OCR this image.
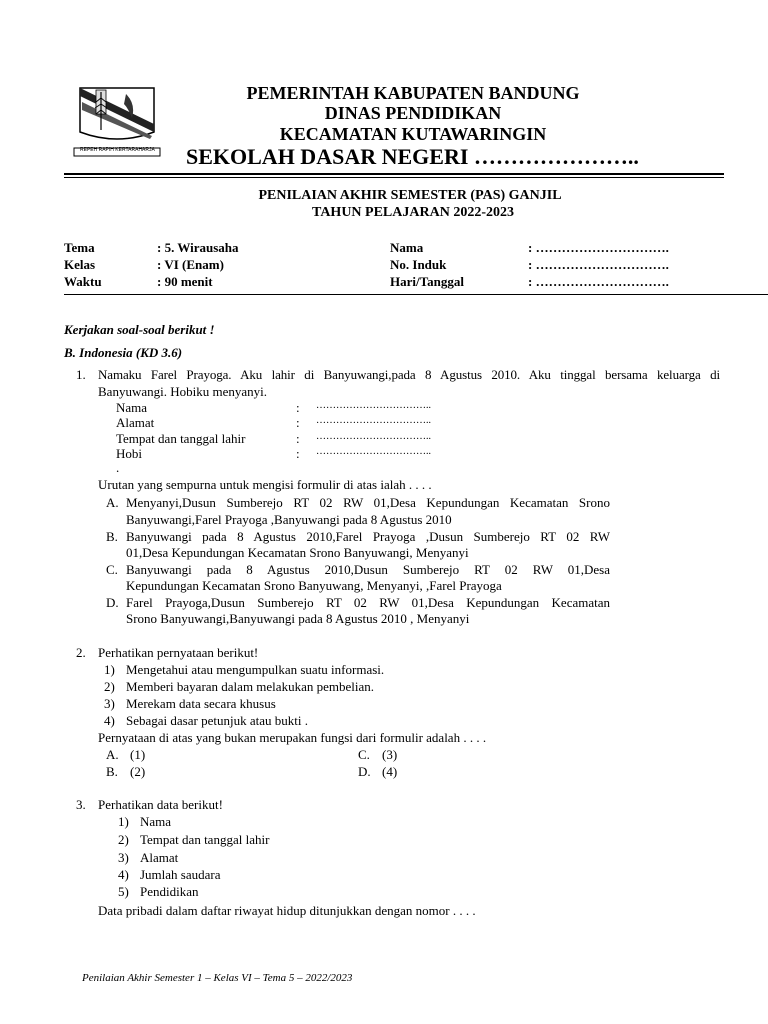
REPEH RAPIH KERTARAHARJA
PEMERINTAH KABUPATEN BANDUNG
DINAS PENDIDIKAN
KECAMATAN KUTAWARINGIN
SEKOLAH DASAR NEGERI …………………..
PENILAIAN AKHIR SEMESTER (PAS) GANJIL
TAHUN PELAJARAN 2022-2023
Tema	: 5. Wirausaha
Kelas	: VI (Enam)
Waktu	: 90 menit
Nama	: ………………………….
No. Induk	: ………………………….
Hari/Tanggal	: ………………………….
Kerjakan soal-soal berikut !
B. Indonesia (KD 3.6)
1. Namaku Farel Prayoga. Aku lahir di Banyuwangi,pada 8 Agustus 2010. Aku tinggal bersama keluarga di
Banyuwangi. Hobiku menyanyi.
Nama	: ……………………………..
Alamat	: ……………………………..
Tempat dan tanggal lahir	: ……………………………..
Hobi	: ……………………………..
.
Urutan yang sempurna untuk mengisi formulir di atas ialah . . . .
A. Menyanyi,Dusun Sumberejo RT 02 RW 01,Desa Kepundungan Kecamatan Srono
Banyuwangi,Farel Prayoga ,Banyuwangi pada 8 Agustus 2010
B. Banyuwangi pada 8 Agustus 2010,Farel Prayoga ,Dusun Sumberejo RT 02 RW
01,Desa Kepundungan Kecamatan Srono Banyuwangi, Menyanyi
C. Banyuwangi pada 8 Agustus 2010,Dusun Sumberejo RT 02 RW 01,Desa
Kepundungan Kecamatan Srono Banyuwang, Menyanyi, ,Farel Prayoga
D. Farel Prayoga,Dusun Sumberejo RT 02 RW 01,Desa Kepundungan Kecamatan
Srono Banyuwangi,Banyuwangi pada 8 Agustus 2010 , Menyanyi
2. Perhatikan pernyataan berikut!
1) Mengetahui atau mengumpulkan suatu informasi.
2) Memberi bayaran dalam melakukan pembelian.
3) Merekam data secara khusus
4) Sebagai dasar petunjuk atau bukti .
Pernyataan di atas yang bukan merupakan fungsi dari formulir adalah . . . .
A. (1)
B. (2)
C. (3)
D. (4)
3. Perhatikan data berikut!
1) Nama
2) Tempat dan tanggal lahir
3) Alamat
4) Jumlah saudara
5) Pendidikan
Data pribadi dalam daftar riwayat hidup ditunjukkan dengan nomor . . . .
Penilaian Akhir Semester 1 – Kelas VI – Tema 5 – 2022/2023
